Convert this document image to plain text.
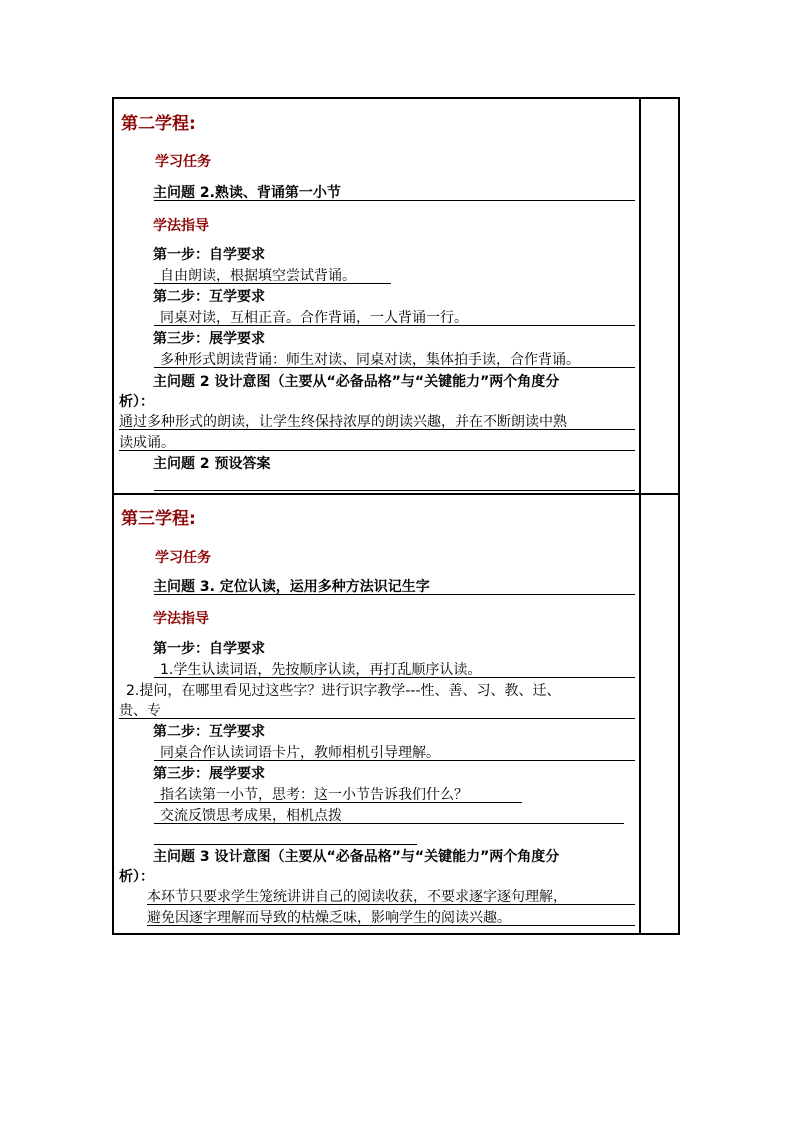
第二学程:
学习任务
主问题 2.熟读、背诵第一小节
学法指导
第一步：自学要求
自由朗读，根据填空尝试背诵。
第二步：互学要求
同桌对读，互相正音。合作背诵，一人背诵一行。
第三步：展学要求
多种形式朗读背诵：师生对读、同桌对读，集体拍手读，合作背诵。
主问题 2 设计意图（主要从“必备品格”与“关键能力”两个角度分
析）：
通过多种形式的朗读，让学生终保持浓厚的朗读兴趣，并在不断朗读中熟
读成诵。
主问题 2 预设答案
第三学程:
学习任务
主问题 3. 定位认读，运用多种方法识记生字
学法指导
第一步：自学要求
1.学生认读词语，先按顺序认读，再打乱顺序认读。
2.提问，在哪里看见过这些字？进行识字教学---性、善、习、教、迁、
贵、专
第二步：互学要求
同桌合作认读词语卡片，教师相机引导理解。
第三步：展学要求
指名读第一小节，思考：这一小节告诉我们什么？
交流反馈思考成果，相机点拨
主问题 3 设计意图（主要从“必备品格”与“关键能力”两个角度分
析）：
本环节只要求学生笼统讲讲自己的阅读收获，不要求逐字逐句理解，
避免因逐字理解而导致的枯燥乏味，影响学生的阅读兴趣。
